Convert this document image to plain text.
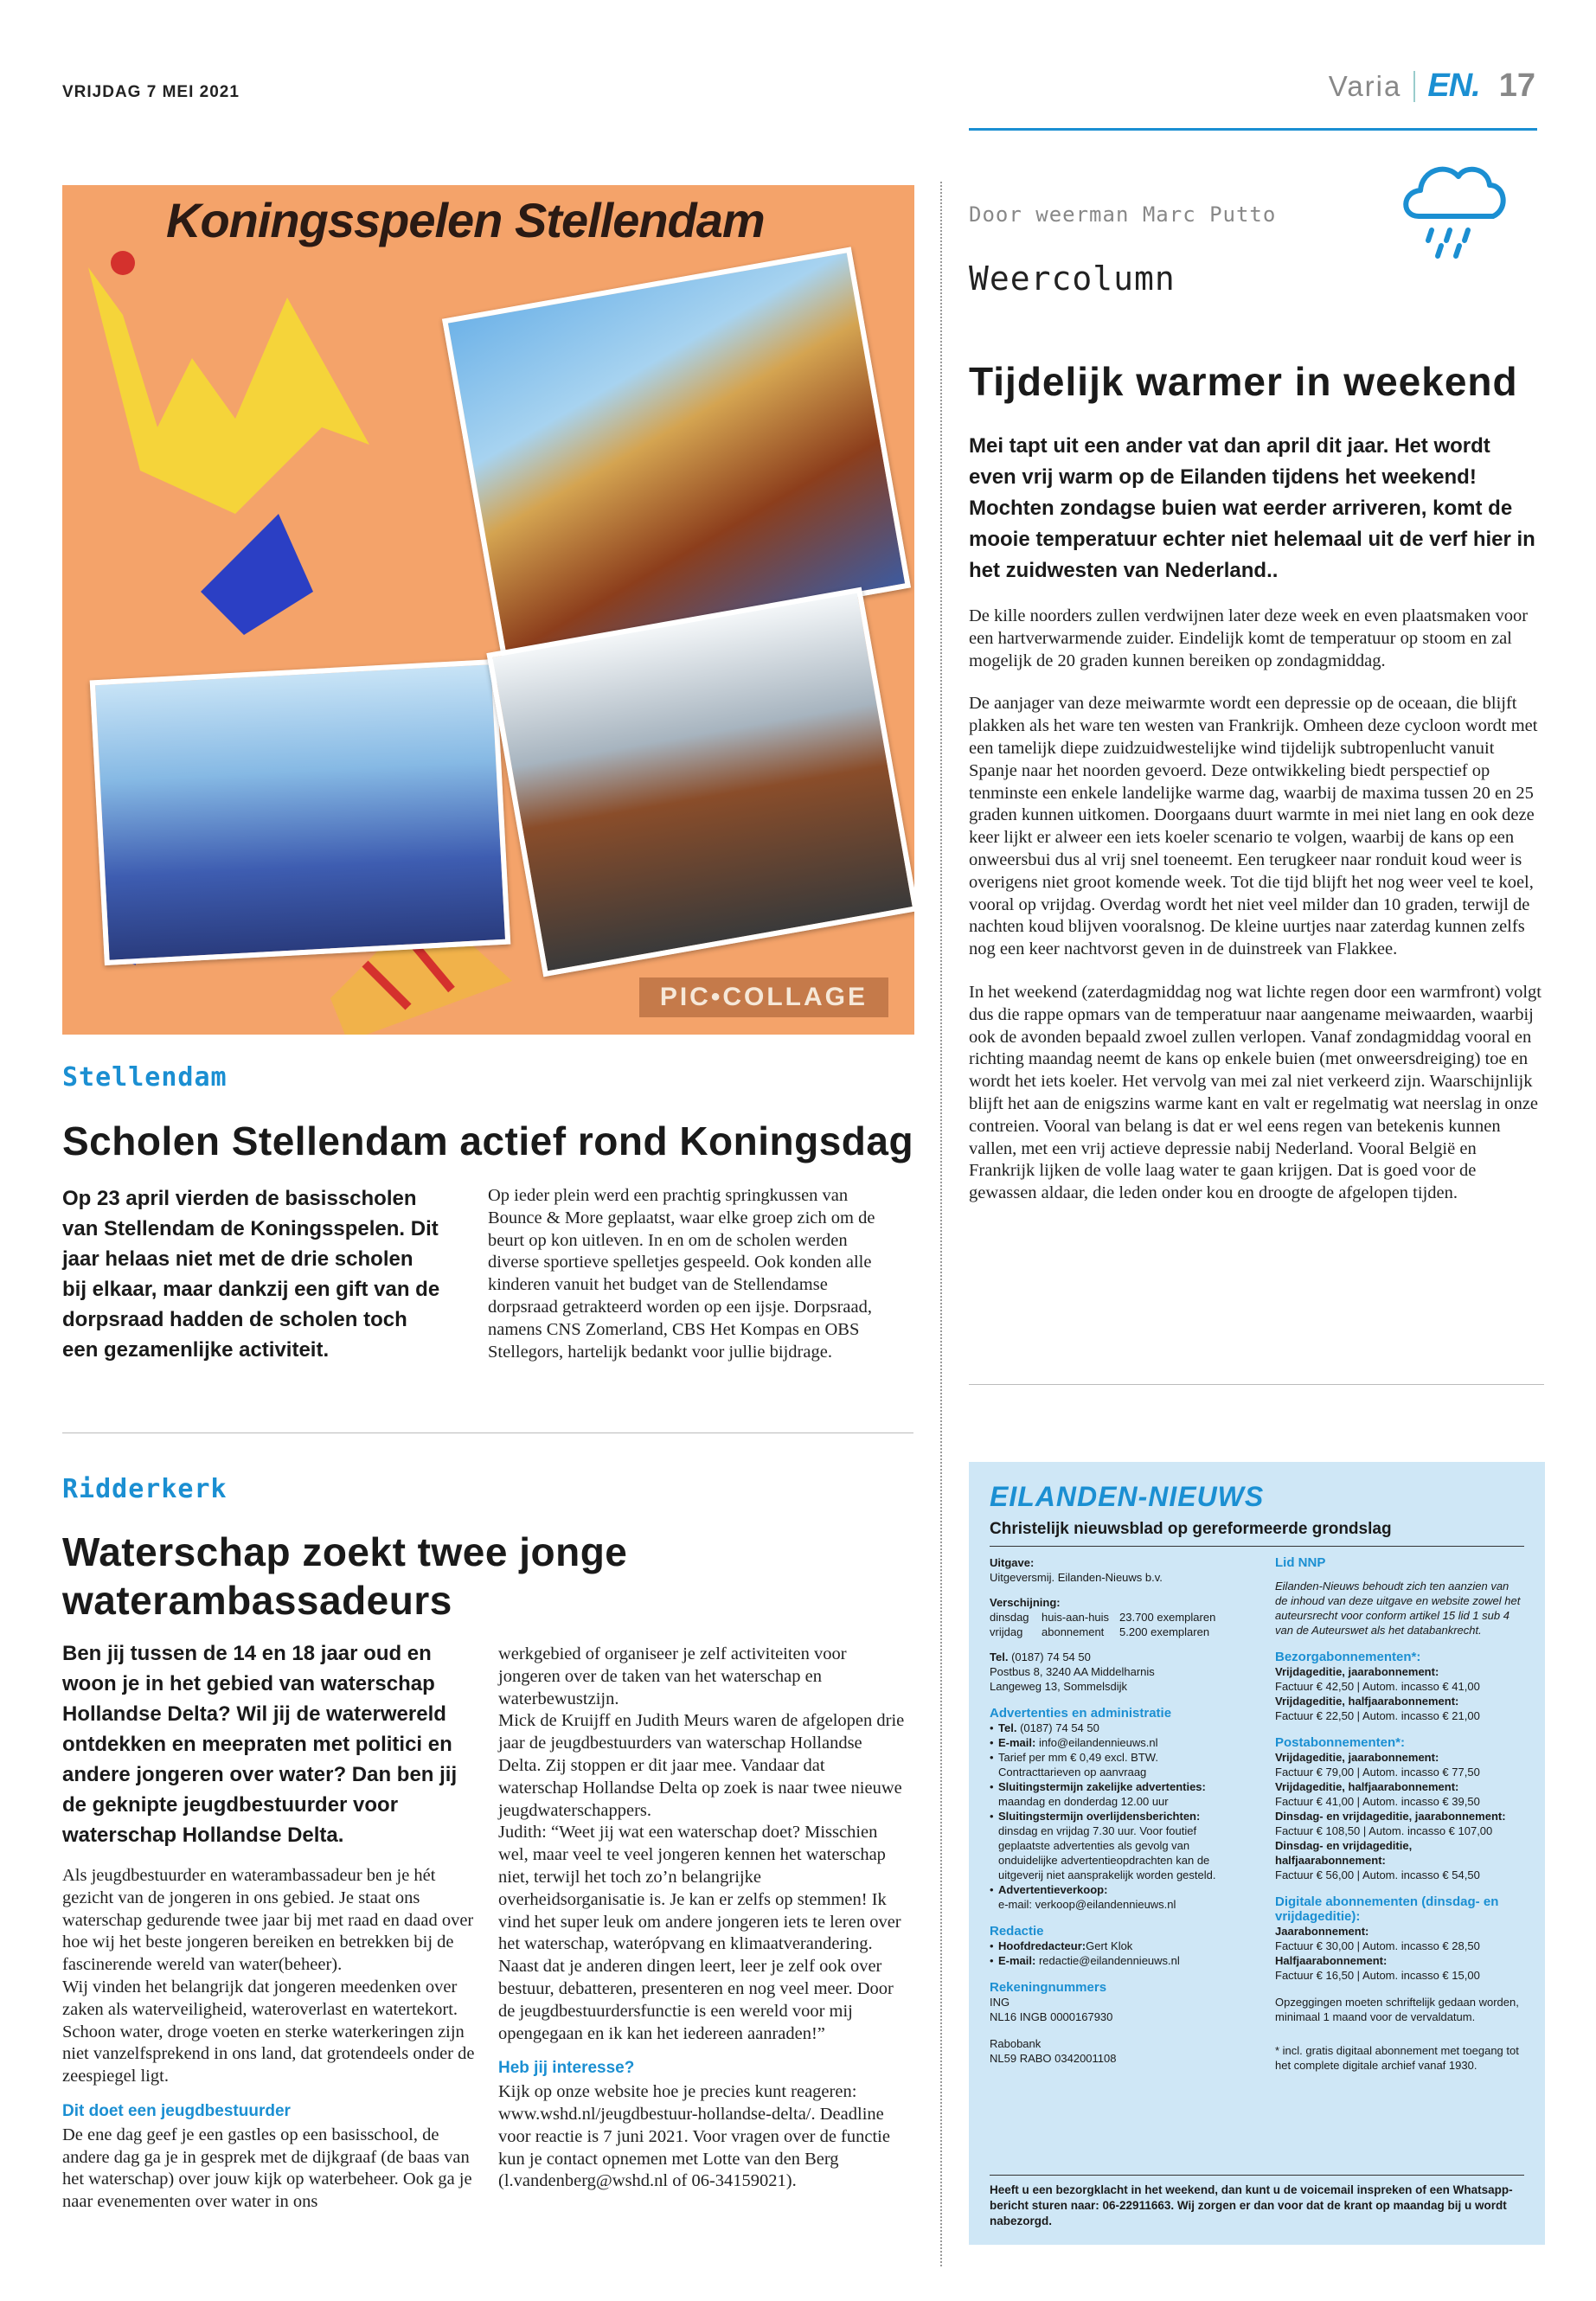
VRIJDAG 7 MEI 2021	Varia EN. 17
Koningsspelen Stellendam
PIC•COLLAGE
Door weerman Marc Putto
Weercolumn
Tijdelijk warmer in weekend
Mei tapt uit een ander vat dan april dit jaar. Het wordt even vrij warm op de Eilanden tijdens het weekend! Mochten zondagse buien wat eerder arriveren, komt de mooie temperatuur echter niet helemaal uit de verf hier in het zuidwesten van Nederland..

De kille noorders zullen verdwijnen later deze week en even plaatsmaken voor een hartverwarmende zuider. Eindelijk komt de temperatuur op stoom en zal mogelijk de 20 graden kunnen bereiken op zondagmiddag.

De aanjager van deze meiwarmte wordt een depressie op de oceaan, die blijft plakken als het ware ten westen van Frankrijk. Omheen deze cycloon wordt met een tamelijk diepe zuidzuidwestelijke wind tijdelijk subtropenlucht vanuit Spanje naar het noorden gevoerd. Deze ontwikkeling biedt perspectief op tenminste een enkele landelijke warme dag, waarbij de maxima tussen 20 en 25 graden kunnen uitkomen. Doorgaans duurt warmte in mei niet lang en ook deze keer lijkt er alweer een iets koeler scenario te volgen, waarbij de kans op een onweersbui dus al vrij snel toeneemt. Een terugkeer naar ronduit koud weer is overigens niet groot komende week. Tot die tijd blijft het nog weer veel te koel, vooral op vrijdag. Overdag wordt het niet veel milder dan 10 graden, terwijl de nachten koud blijven vooralsnog. De kleine uurtjes naar zaterdag kunnen zelfs nog een keer nachtvorst geven in de duinstreek van Flakkee.

In het weekend (zaterdagmiddag nog wat lichte regen door een warmfront) volgt dus die rappe opmars van de temperatuur naar aangename meiwaarden, waarbij ook de avonden bepaald zwoel zullen verlopen. Vanaf zondagmiddag vooral en richting maandag neemt de kans op enkele buien (met onweersdreiging) toe en wordt het iets koeler. Het vervolg van mei zal niet verkeerd zijn. Waarschijnlijk blijft het aan de enigszins warme kant en valt er regelmatig wat neerslag in onze contreien. Vooral van belang is dat er wel eens regen van betekenis kunnen vallen, met een vrij actieve depressie nabij Nederland. Vooral België en Frankrijk lijken de volle laag water te gaan krijgen. Dat is goed voor de gewassen aldaar, die leden onder kou en droogte de afgelopen tijden.

Stellendam
Scholen Stellendam actief rond Koningsdag
Op 23 april vierden de basisscholen van Stellendam de Koningsspelen. Dit jaar helaas niet met de drie scholen bij elkaar, maar dankzij een gift van de dorpsraad hadden de scholen toch een gezamenlijke activiteit.
Op ieder plein werd een prachtig springkussen van Bounce & More geplaatst, waar elke groep zich om de beurt op kon uitleven. In en om de scholen werden diverse sportieve spelletjes gespeeld. Ook konden alle kinderen vanuit het budget van de Stellendamse dorpsraad getrakteerd worden op een ijsje. Dorpsraad, namens CNS Zomerland, CBS Het Kompas en OBS Stellegors, hartelijk bedankt voor jullie bijdrage.
Ridderkerk
Waterschap zoekt twee jonge waterambassadeurs
Ben jij tussen de 14 en 18 jaar oud en woon je in het gebied van waterschap Hollandse Delta? Wil jij de waterwereld ontdekken en meepraten met politici en andere jongeren over water? Dan ben jij de geknipte jeugdbestuurder voor waterschap Hollandse Delta.

Als jeugdbestuurder en waterambassadeur ben je hét gezicht van de jongeren in ons gebied. Je staat ons waterschap gedurende twee jaar bij met raad en daad over hoe wij het beste jongeren bereiken en betrekken bij de fascinerende wereld van water(beheer).

Wij vinden het belangrijk dat jongeren meedenken over zaken als waterveiligheid, wateroverlast en watertekort. Schoon water, droge voeten en sterke waterkeringen zijn niet vanzelfsprekend in ons land, dat grotendeels onder de zeespiegel ligt.

Dit doet een jeugdbestuurder

De ene dag geef je een gastles op een basisschool, de andere dag ga je in gesprek met de dijkgraaf (de baas van het waterschap) over jouw kijk op waterbeheer. Ook ga je naar evenementen over water in ons

werkgebied of organiseer je zelf activiteiten voor jongeren over de taken van het waterschap en waterbewustzijn.

Mick de Kruijff en Judith Meurs waren de afgelopen drie jaar de jeugdbestuurders van waterschap Hollandse Delta. Zij stoppen er dit jaar mee. Vandaar dat waterschap Hollandse Delta op zoek is naar twee nieuwe jeugdwaterschappers.

Judith: “Weet jij wat een waterschap doet? Misschien wel, maar veel te veel jongeren kennen het waterschap niet, terwijl het toch zo’n belangrijke overheidsorganisatie is. Je kan er zelfs op stemmen! Ik vind het super leuk om andere jongeren iets te leren over het waterschap, waterópvang en klimaatverandering. Naast dat je anderen dingen leert, leer je zelf ook over bestuur, debatteren, presenteren en nog veel meer. Door de jeugdbestuurdersfunctie is een wereld voor mij opengegaan en ik kan het iedereen aanraden!”

Heb jij interesse?

Kijk op onze website hoe je precies kunt reageren: www.wshd.nl/jeugdbestuur-hollandse-delta/. Deadline voor reactie is 7 juni 2021. Voor vragen over de functie kun je contact opnemen met Lotte van den Berg (l.vandenberg@wshd.nl of 06-34159021).

EILANDEN-NIEUWS
Christelijk nieuwsblad op gereformeerde grondslag
Uitgave:
Uitgeversmij. Eilanden-Nieuws b.v.
Verschijning:
dinsdag	huis-aan-huis 23.700 exemplaren
vrijdag	abonnement	5.200 exemplaren
Tel. (0187) 74 54 50
Postbus 8, 3240 AA Middelharnis
Langeweg 13, Sommelsdijk
Advertenties en administratie
• Tel. (0187) 74 54 50
• E-mail: info@eilandennieuws.nl
• Tarief per mm € 0,49 excl. BTW.
Contracttarieven op aanvraag
• Sluitingstermijn zakelijke advertenties:
maandag en donderdag 12.00 uur
• Sluitingstermijn overlijdensberichten:
dinsdag en vrijdag 7.30 uur. Voor foutief
geplaatste advertenties als gevolg van
onduidelijke advertentieopdrachten kan de
uitgeverij niet aansprakelijk worden gesteld.
• Advertentieverkoop:
e-mail: verkoop@eilandennieuws.nl
Redactie
• Hoofdredacteur:Gert Klok
• E-mail: redactie@eilandennieuws.nl
Rekeningnummers
ING
NL16 INGB 0000167930
Rabobank
NL59 RABO 0342001108
Lid NNP
Eilanden-Nieuws behoudt zich ten aanzien van de inhoud van deze uitgave en website zowel het auteursrecht voor conform artikel 15 lid 1 sub 4 van de Auteurswet als het databankrecht.
Bezorgabonnementen*:
Vrijdageditie, jaarabonnement:
Factuur € 42,50 | Autom. incasso € 41,00
Vrijdageditie, halfjaarabonnement:
Factuur € 22,50 | Autom. incasso € 21,00
Postabonnementen*:
Vrijdageditie, jaarabonnement:
Factuur € 79,00 | Autom. incasso € 77,50
Vrijdageditie, halfjaarabonnement:
Factuur € 41,00 | Autom. incasso € 39,50
Dinsdag- en vrijdageditie, jaarabonnement:
Factuur € 108,50 | Autom. incasso € 107,00
Dinsdag- en vrijdageditie, halfjaarabonnement:
Factuur € 56,00 | Autom. incasso € 54,50
Digitale abonnementen (dinsdag- en vrijdageditie):
Jaarabonnement:
Factuur € 30,00 | Autom. incasso € 28,50
Halfjaarabonnement:
Factuur € 16,50 | Autom. incasso € 15,00
Opzeggingen moeten schriftelijk gedaan worden, minimaal 1 maand voor de vervaldatum.
* incl. gratis digitaal abonnement met toegang tot het complete digitale archief vanaf 1930.
Heeft u een bezorgklacht in het weekend, dan kunt u de voicemail inspreken of een Whatsapp-bericht sturen naar: 06-22911663. Wij zorgen er dan voor dat de krant op maandag bij u wordt nabezorgd.
